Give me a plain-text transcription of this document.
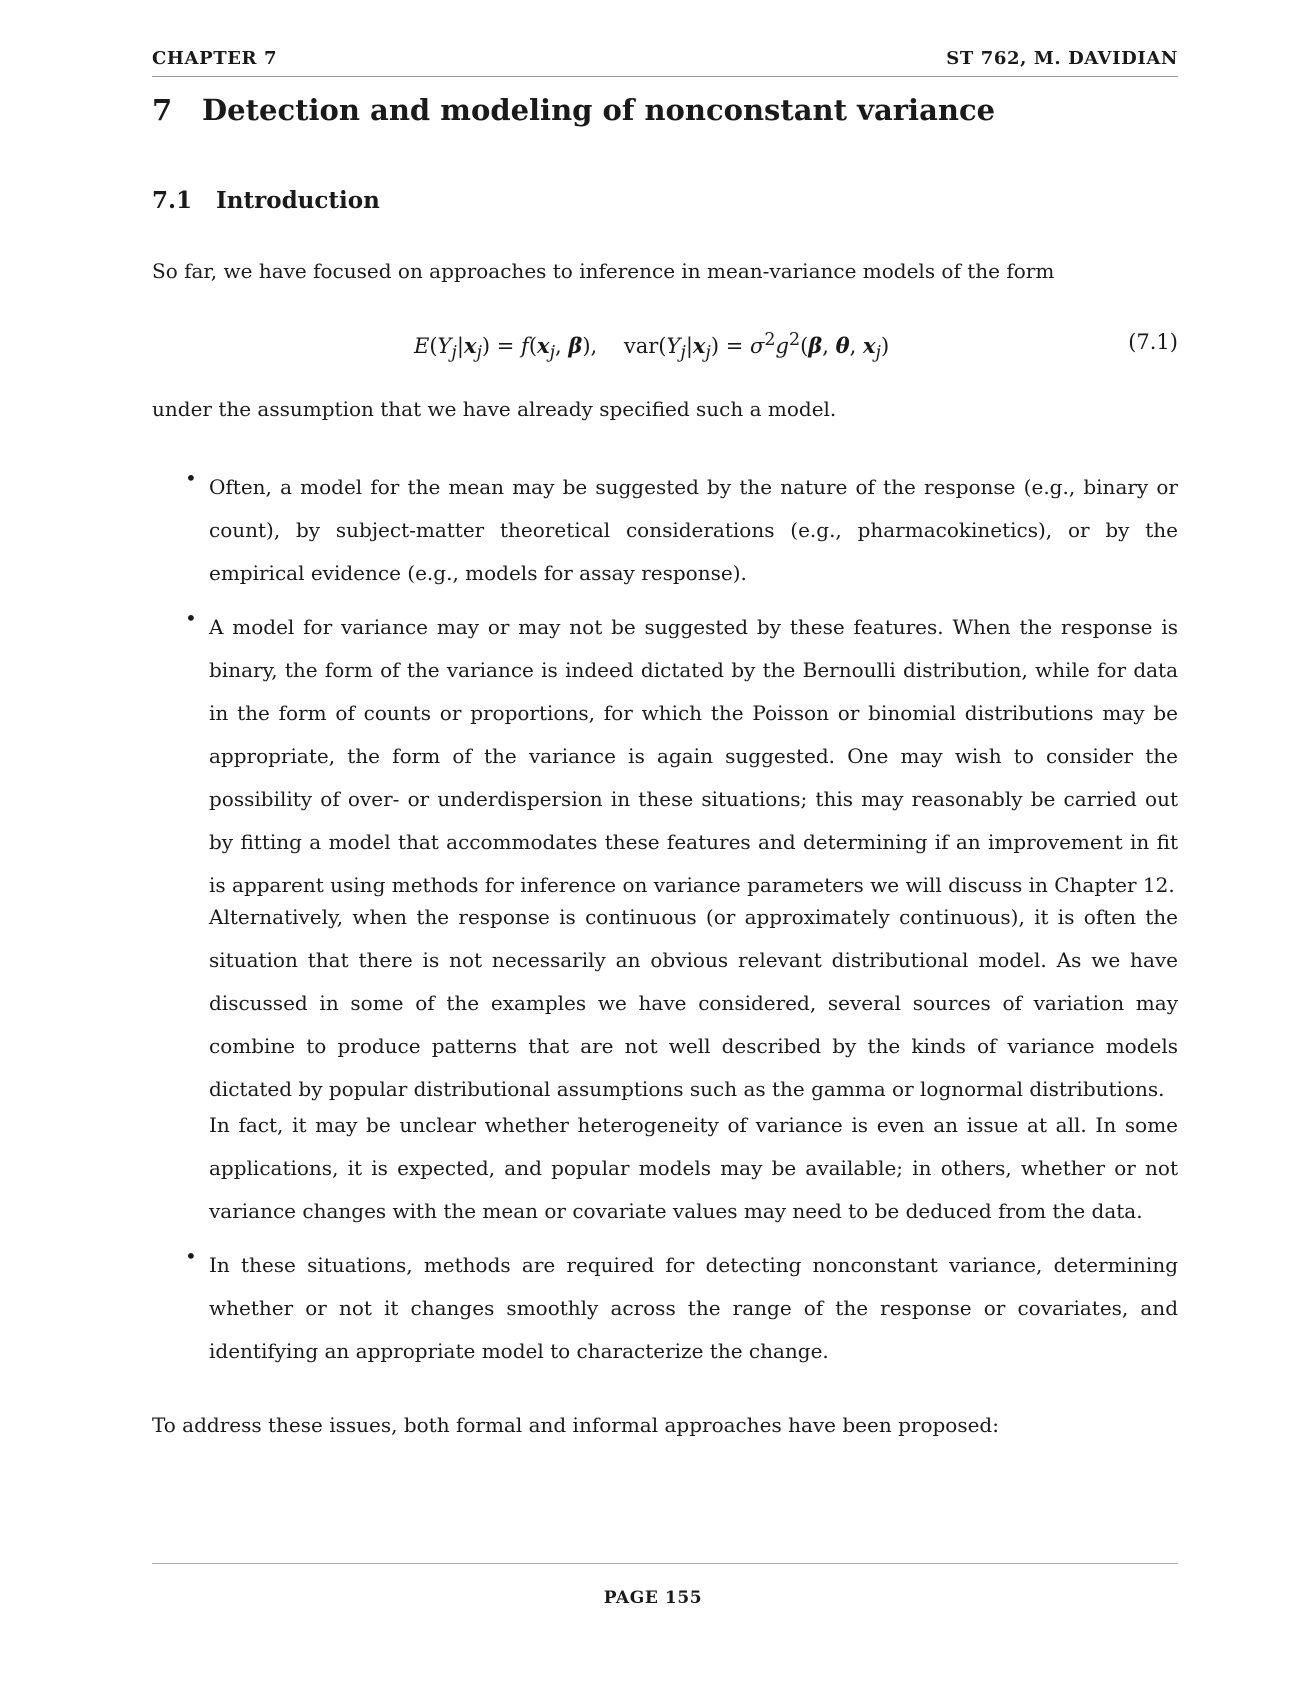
CHAPTER 7	ST 762, M. DAVIDIAN
7 Detection and modeling of nonconstant variance
7.1 Introduction
So far, we have focused on approaches to inference in mean-variance models of the form
$E(Y_j|x_j) = f(x_j$, β),    $var(Y_j|x_j) = \sigma^2g^2(\beta$, θ, $x_j$)	(7.1)
under the assumption that we have already specified such a model.
• Often, a model for the mean may be suggested by the nature of the response (e.g., binary or count), by subject-matter theoretical considerations (e.g., pharmacokinetics), or by the empirical evidence (e.g., models for assay response).
• A model for variance may or may not be suggested by these features. When the response is binary, the form of the variance is indeed dictated by the Bernoulli distribution, while for data in the form of counts or proportions, for which the Poisson or binomial distributions may be appropriate, the form of the variance is again suggested. One may wish to consider the possibility of over- or underdispersion in these situations; this may reasonably be carried out by fitting a model that accommodates these features and determining if an improvement in fit is apparent using methods for inference on variance parameters we will discuss in Chapter 12.
Alternatively, when the response is continuous (or approximately continuous), it is often the situation that there is not necessarily an obvious relevant distributional model. As we have discussed in some of the examples we have considered, several sources of variation may combine to produce patterns that are not well described by the kinds of variance models dictated by popular distributional assumptions such as the gamma or lognormal distributions.
In fact, it may be unclear whether heterogeneity of variance is even an issue at all. In some applications, it is expected, and popular models may be available; in others, whether or not variance changes with the mean or covariate values may need to be deduced from the data.
• In these situations, methods are required for detecting nonconstant variance, determining whether or not it changes smoothly across the range of the response or covariates, and identifying an appropriate model to characterize the change.
To address these issues, both formal and informal approaches have been proposed:
PAGE 155
